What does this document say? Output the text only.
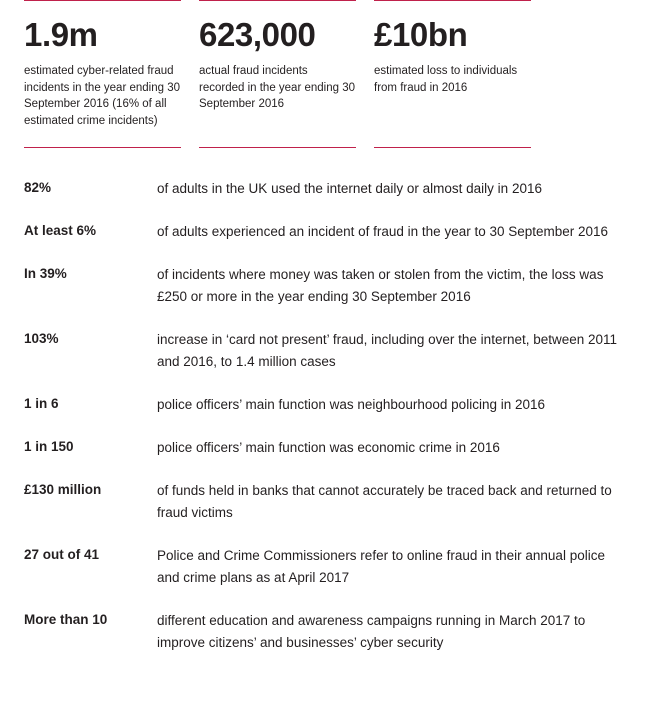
1.9m
estimated cyber-related fraud incidents in the year ending 30 September 2016 (16% of all estimated crime incidents)
623,000
actual fraud incidents recorded in the year ending 30 September 2016
£10bn
estimated loss to individuals from fraud in 2016
82%	of adults in the UK used the internet daily or almost daily in 2016
At least 6%	of adults experienced an incident of fraud in the year to 30 September 2016
In 39%	of incidents where money was taken or stolen from the victim, the loss was £250 or more in the year ending 30 September 2016
103%	increase in ‘card not present’ fraud, including over the internet, between 2011 and 2016, to 1.4 million cases
1 in 6	police officers’ main function was neighbourhood policing in 2016
1 in 150	police officers’ main function was economic crime in 2016
£130 million	of funds held in banks that cannot accurately be traced back and returned to fraud victims
27 out of 41	Police and Crime Commissioners refer to online fraud in their annual police and crime plans as at April 2017
More than 10	different education and awareness campaigns running in March 2017 to improve citizens’ and businesses’ cyber security
